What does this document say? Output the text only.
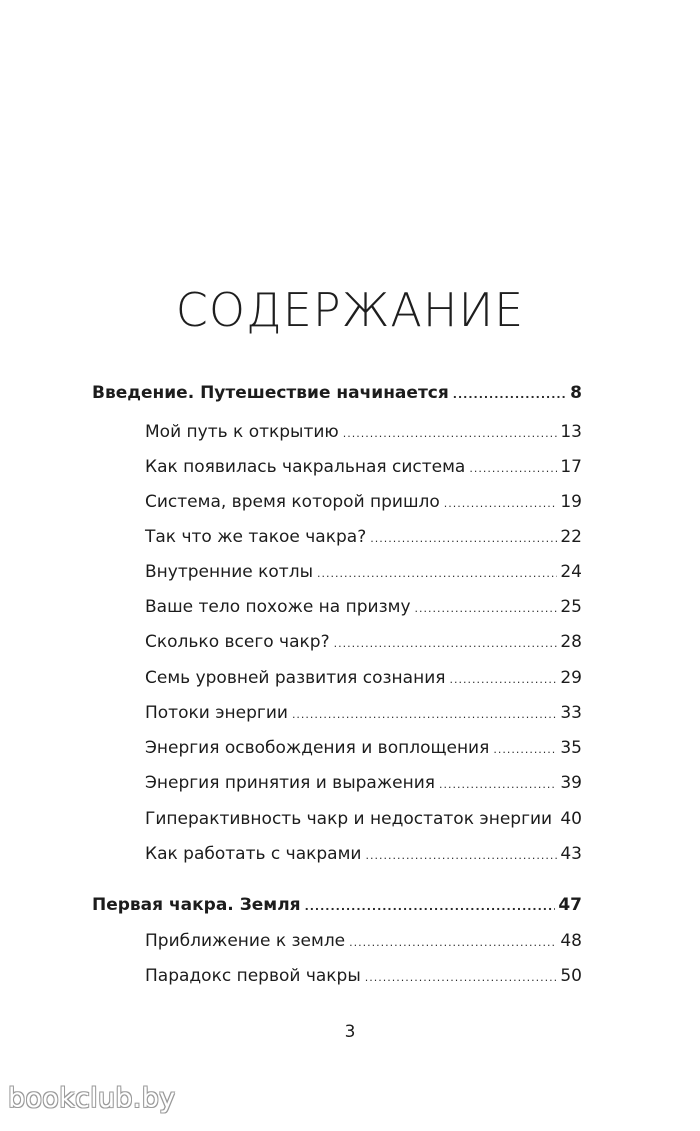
СОДЕРЖАНИЕ
Введение. Путешествие начинается .....	8
Мой путь к открытию .....	13
Как появилась чакральная система .....	17
Система, время которой пришло .....	19
Так что же такое чакра? .....	22
Внутренние котлы .....	24
Ваше тело похоже на призму .....	25
Сколько всего чакр? .....	28
Семь уровней развития сознания .....	29
Потоки энергии .....	33
Энергия освобождения и воплощения .....	35
Энергия принятия и выражения .....	39
Гиперактивность чакр и недостаток энергии ..... 40
Как работать с чакрами .....	43
Первая чакра. Земля .....	47
Приближение к земле .....	48
Парадокс первой чакры .....	50
3
bookclub.by
